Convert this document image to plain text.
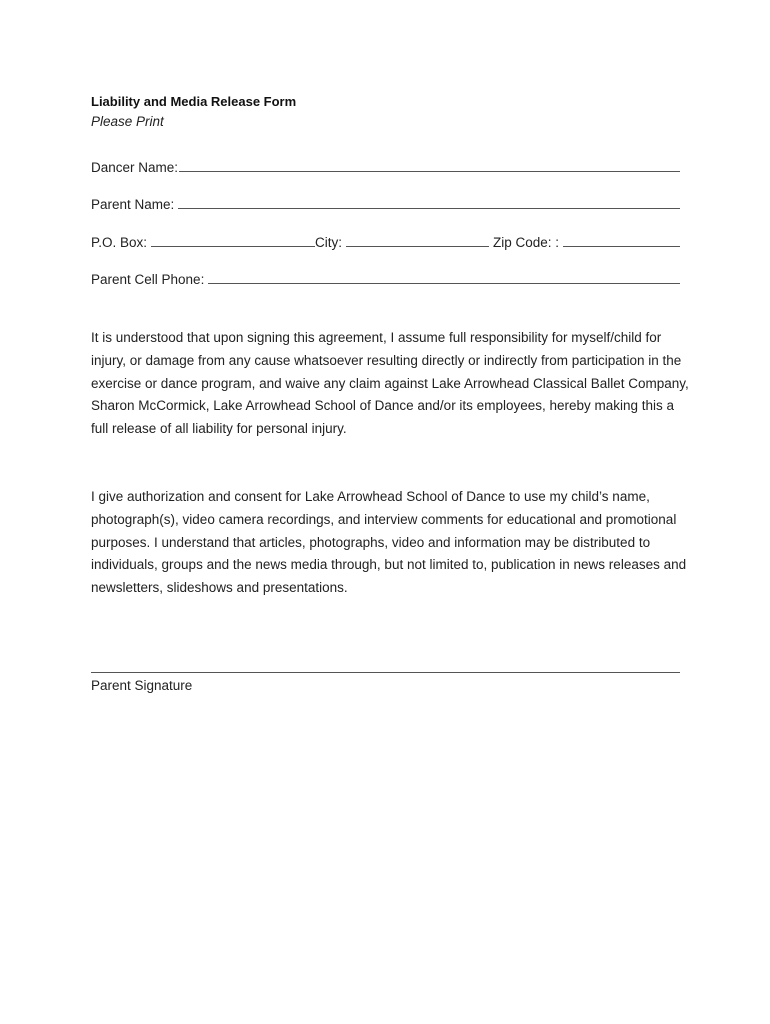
Liability and Media Release Form
Please Print
Dancer Name:
Parent Name:
P.O. Box:	City:	Zip Code: :
Parent Cell Phone:
It is understood that upon signing this agreement, I assume full responsibility for myself/child for injury, or damage from any cause whatsoever resulting directly or indirectly from participation in the exercise or dance program, and waive any claim against Lake Arrowhead Classical Ballet Company, Sharon McCormick, Lake Arrowhead School of Dance and/or its employees, hereby making this a full release of all liability for personal injury.
I give authorization and consent for Lake Arrowhead School of Dance to use my child’s name, photograph(s), video camera recordings, and interview comments for educational and promotional purposes. I understand that articles, photographs, video and information may be distributed to individuals, groups and the news media through, but not limited to, publication in news releases and newsletters, slideshows and presentations.
Parent Signature
